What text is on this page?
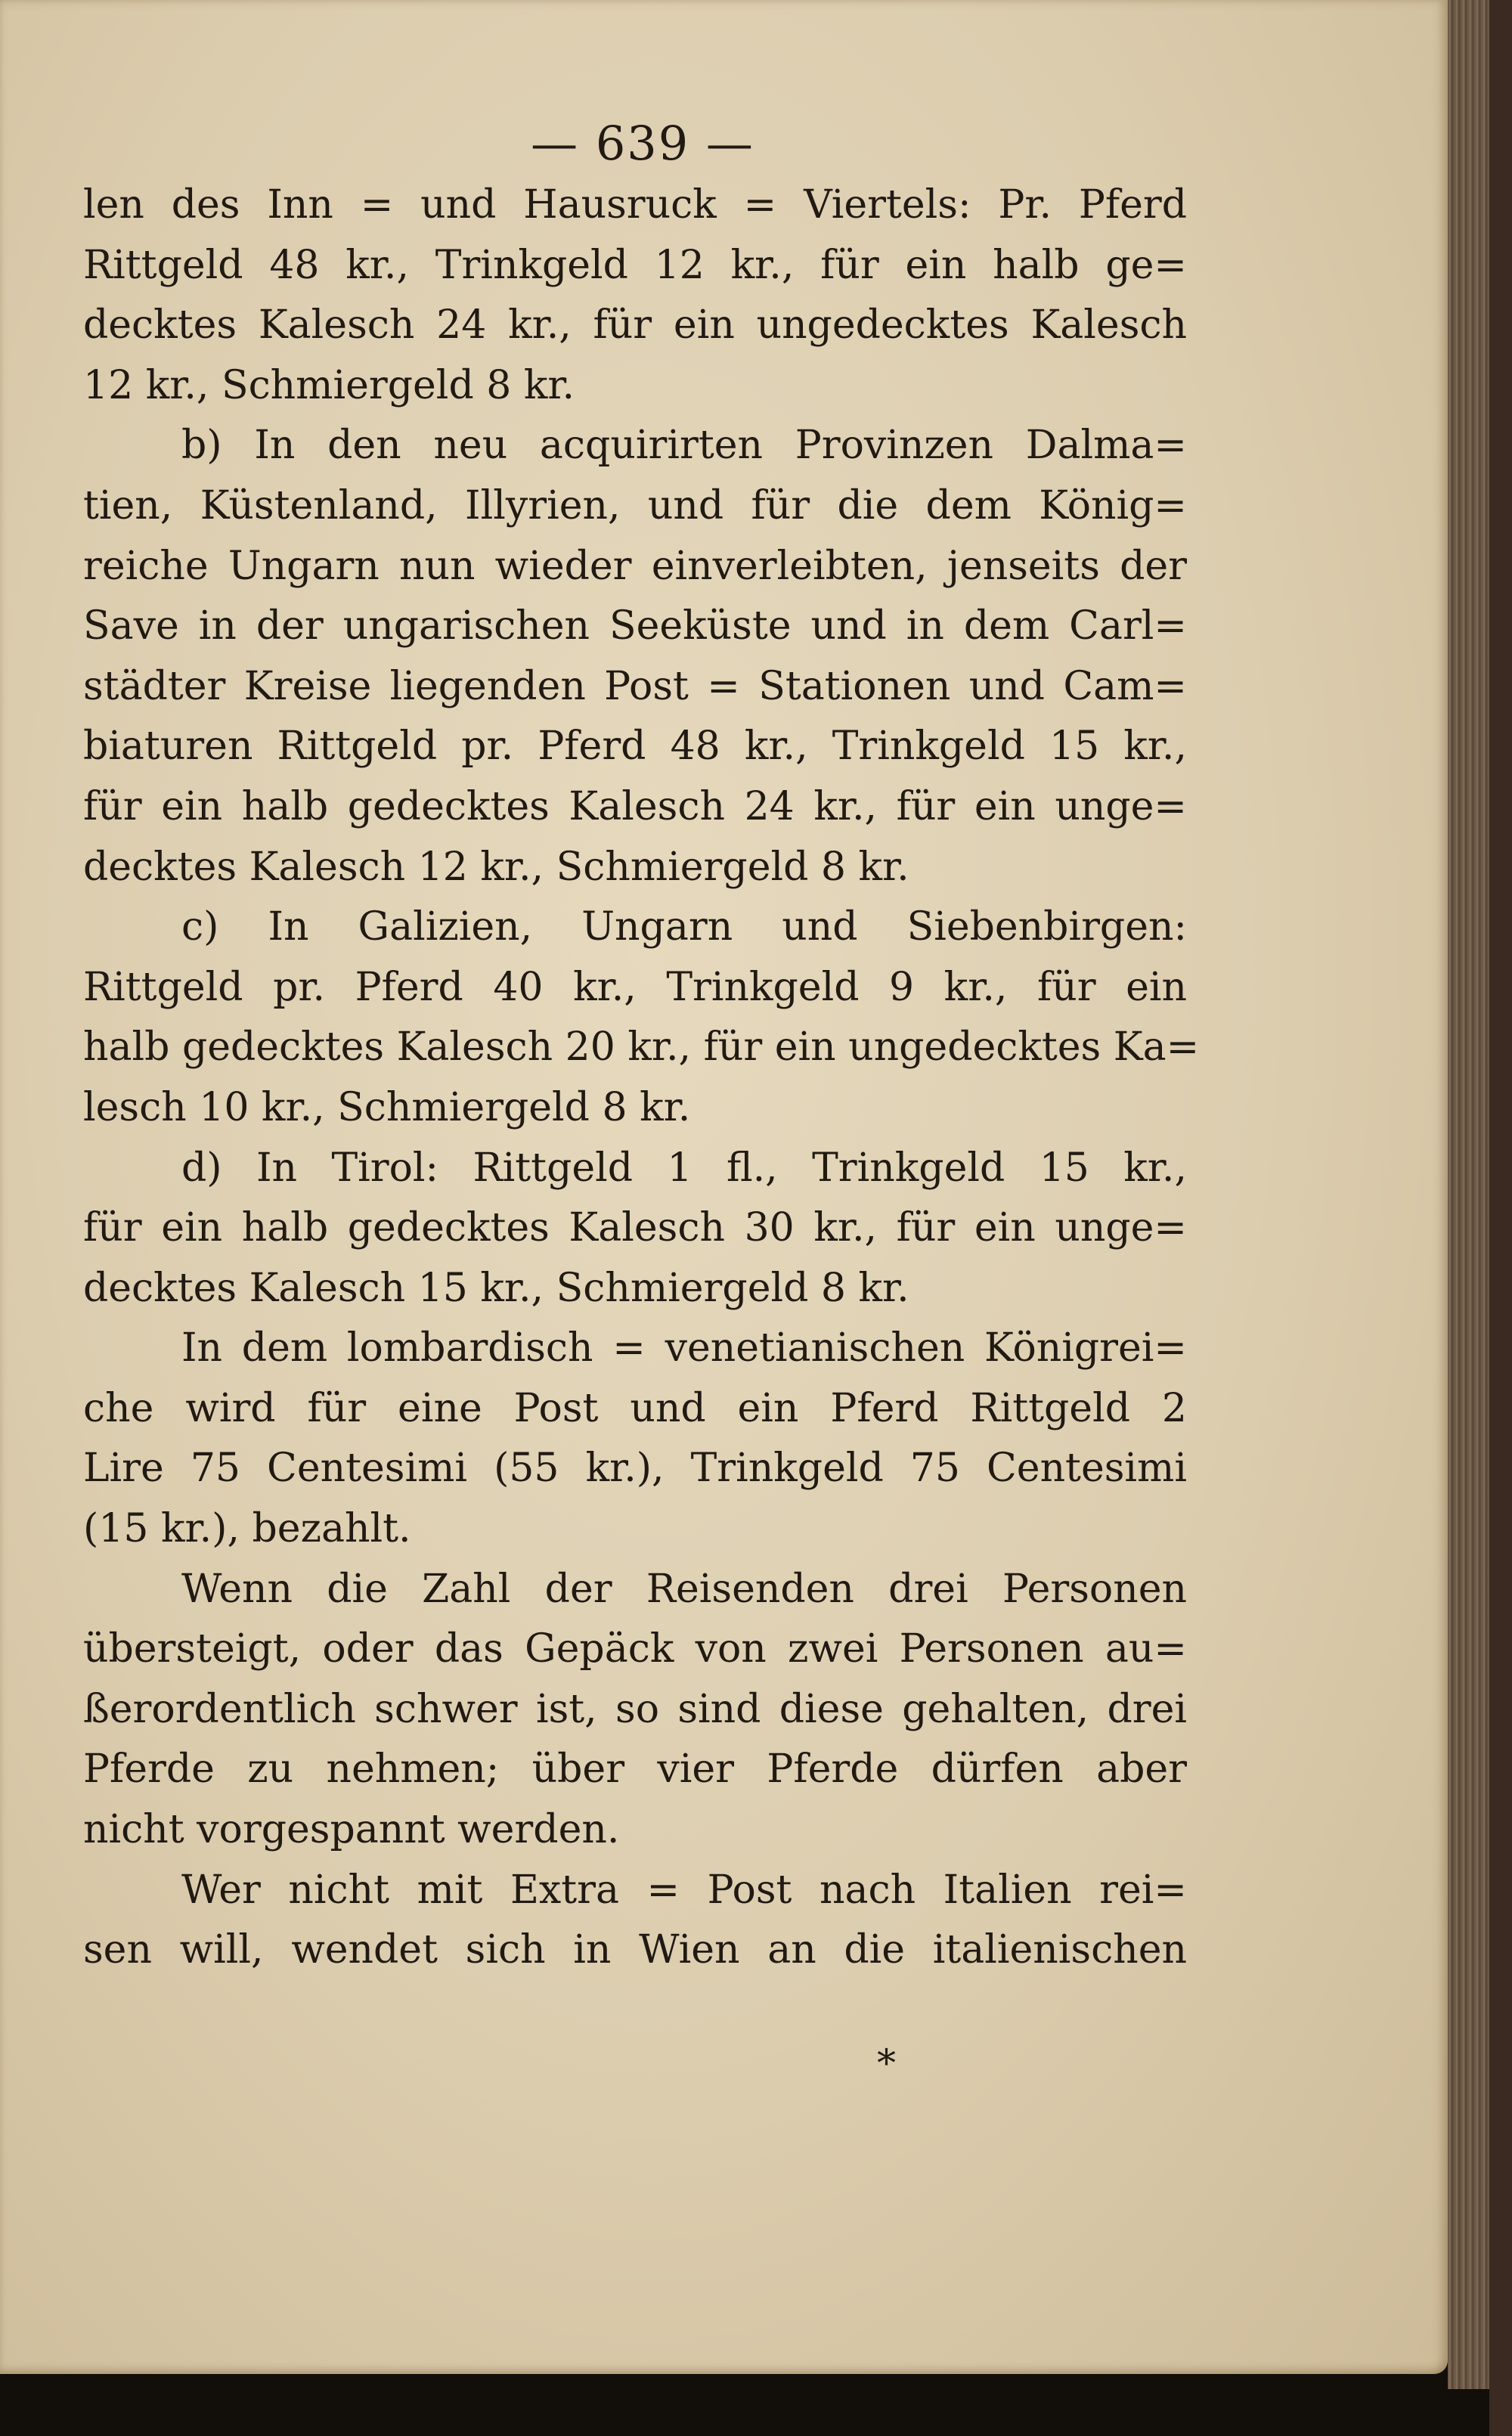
— 639 —
len des Inn = und Hausruck = Viertels: Pr. Pferd
Rittgeld 48 kr., Trinkgeld 12 kr., für ein halb ge=
decktes Kalesch 24 kr., für ein ungedecktes Kalesch
12 kr., Schmiergeld 8 kr.
b) In den neu acquirirten Provinzen Dalma=
tien, Küstenland, Illyrien, und für die dem König=
reiche Ungarn nun wieder einverleibten, jenseits der
Save in der ungarischen Seeküste und in dem Carl=
städter Kreise liegenden Post = Stationen und Cam=
biaturen Rittgeld pr. Pferd 48 kr., Trinkgeld 15 kr.,
für ein halb gedecktes Kalesch 24 kr., für ein unge=
decktes Kalesch 12 kr., Schmiergeld 8 kr.
c) In Galizien, Ungarn und Siebenbirgen:
Rittgeld pr. Pferd 40 kr., Trinkgeld 9 kr., für ein
halb gedecktes Kalesch 20 kr., für ein ungedecktes Ka=
lesch 10 kr., Schmiergeld 8 kr.
d) In Tirol: Rittgeld 1 fl., Trinkgeld 15 kr.,
für ein halb gedecktes Kalesch 30 kr., für ein unge=
decktes Kalesch 15 kr., Schmiergeld 8 kr.
In dem lombardisch = venetianischen Königrei=
che wird für eine Post und ein Pferd Rittgeld 2
Lire 75 Centesimi (55 kr.), Trinkgeld 75 Centesimi
(15 kr.), bezahlt.
Wenn die Zahl der Reisenden drei Personen
übersteigt, oder das Gepäck von zwei Personen au=
ßerordentlich schwer ist, so sind diese gehalten, drei
Pferde zu nehmen; über vier Pferde dürfen aber
nicht vorgespannt werden.
Wer nicht mit Extra = Post nach Italien rei=
sen will, wendet sich in Wien an die italienischen
*
